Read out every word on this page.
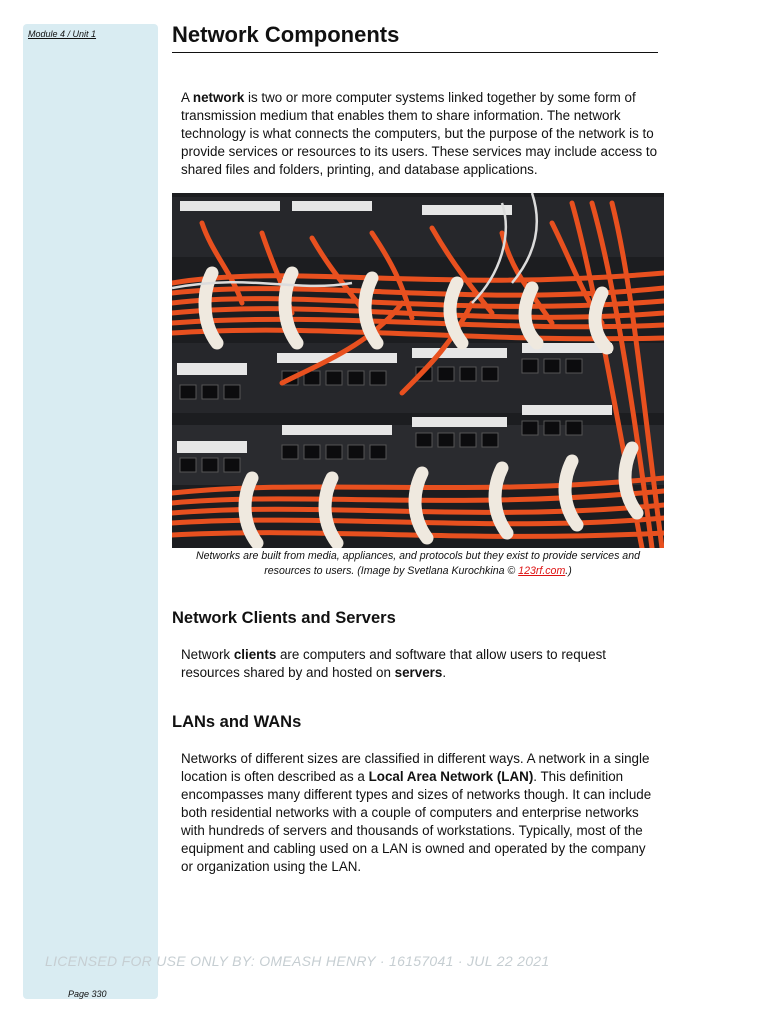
Module 4 / Unit 1	Network Components

A network is two or more computer systems linked together by some form of transmission medium that enables them to share information. The network technology is what connects the computers, but the purpose of the network is to provide services or resources to its users. These services may include access to shared files and folders, printing, and database applications.

Networks are built from media, appliances, and protocols but they exist to provide services and resources to users. (Image by Svetlana Kurochkina © 123rf.com.)
Network Clients and Servers

Network clients are computers and software that allow users to request resources shared by and hosted on servers.

LANs and WANs

Networks of different sizes are classified in different ways. A network in a single location is often described as a Local Area Network (LAN). This definition encompasses many different types and sizes of networks though. It can include both residential networks with a couple of computers and enterprise networks with hundreds of servers and thousands of workstations. Typically, most of the equipment and cabling used on a LAN is owned and operated by the company or organization using the LAN.

LICENSED FOR USE ONLY BY: OMEASH HENRY · 16157041 · JUL 22 2021
Page 330
